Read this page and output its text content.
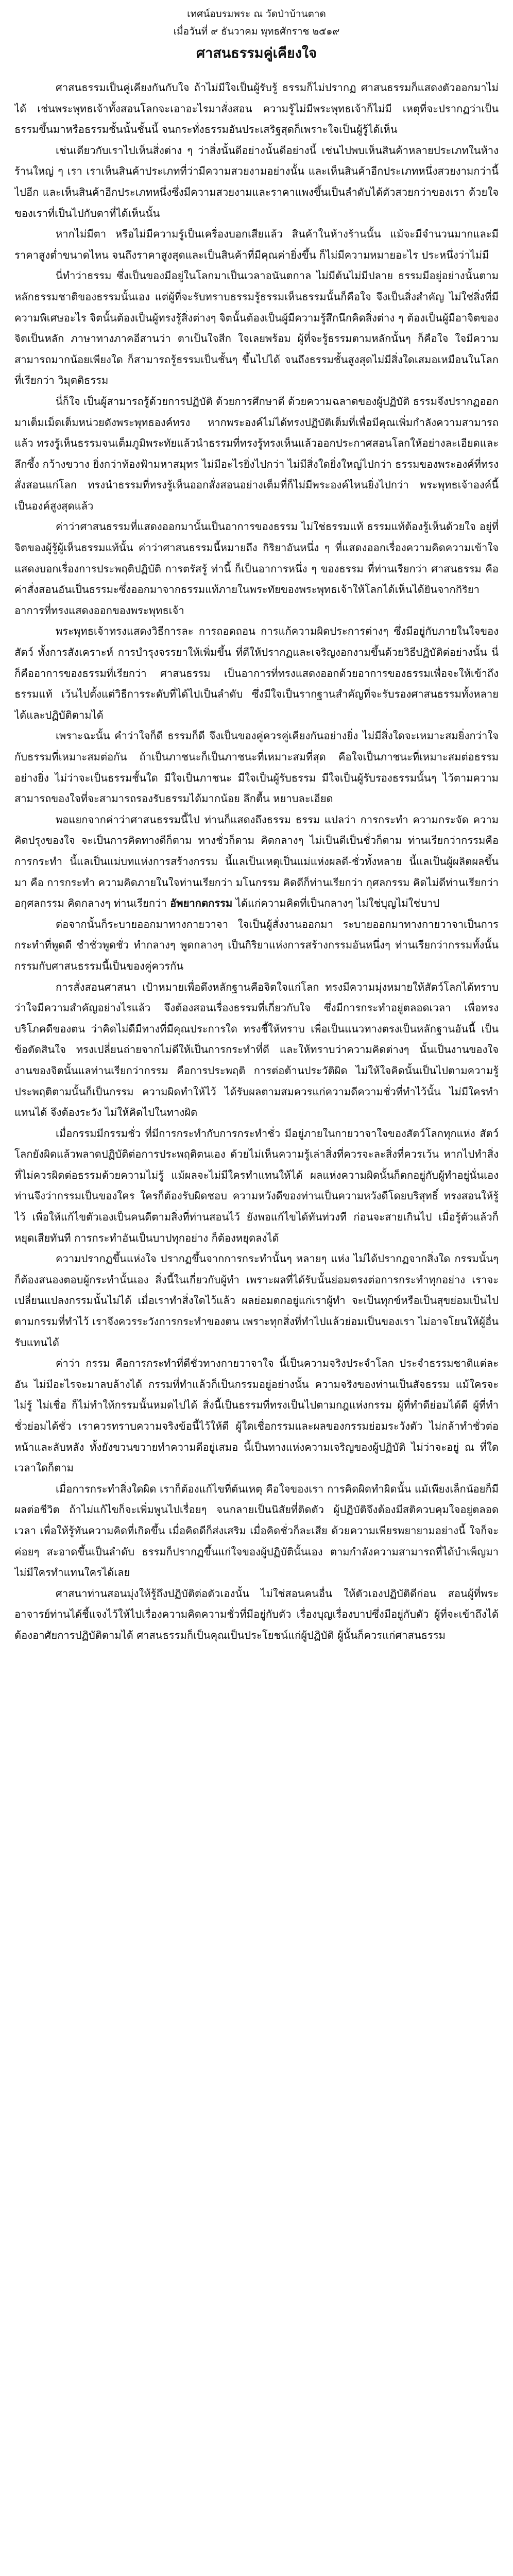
เทศน์อบรมพระ ณ วัดป่าบ้านตาด
เมื่อวันที่ ๙ ธันวาคม พุทธศักราช ๒๕๑๙
ศาสนธรรมคู่เคียงใจ

ศาสนธรรมเป็นคู่เคียงกันกับใจ ถ้าไม่มีใจเป็นผู้รับรู้ ธรรมก็ไม่ปรากฏ ศาสนธรรมก็แสดงตัวออกมาไม่ได้ เช่นพระพุทธเจ้าทั้งสอนโลกจะเอาอะไรมาสั่งสอน ความรู้ไม่มีพระพุทธเจ้าก็ไม่มี เหตุที่จะปรากฏว่าเป็นธรรมขึ้นมาหรือธรรมชั้นนั้นชั้นนี้ จนกระทั่งธรรมอันประเสริฐสุดก็เพราะใจเป็นผู้รู้ได้เห็น

เช่นเดียวกับเราไปเห็นสิ่งต่าง ๆ ว่าสิ่งนั้นดีอย่างนั้นดีอย่างนี้ เช่นไปพบเห็นสินค้าหลายประเภทในห้างร้านใหญ่ ๆ เรา เราเห็นสินค้าประเภทที่ว่ามีความสวยงามอย่างนั้น และเห็นสินค้าอีกประเภทหนึ่งสวยงามกว่านี้ไปอีก และเห็นสินค้าอีกประเภทหนึ่งซึ่งมีความสวยงามและราคาแพงขึ้นเป็นลำดับได้ตัวสวยกว่าของเรา ด้วยใจของเราที่เป็นไปกับตาที่ได้เห็นนั้น

หากไม่มีตา หรือไม่มีความรู้เป็นเครื่องบอกเสียแล้ว สินค้าในห้างร้านนั้น แม้จะมีจำนวนมากและมีราคาสูงต่ำขนาดไหน จนถึงราคาสูงสุดและเป็นสินค้าที่มีคุณค่ายิ่งขึ้น ก็ไม่มีความหมายอะไร ประหนึ่งว่าไม่มี

นี่ทำว่าธรรม ซึ่งเป็นของมีอยู่ในโลกมาเป็นเวลาอนันตกาล ไม่มีต้นไม่มีปลาย ธรรมมีอยู่อย่างนั้นตามหลักธรรมชาติของธรรมนั้นเอง แต่ผู้ที่จะรับทราบธรรมรู้ธรรมเห็นธรรมนั้นก็คือใจ จึงเป็นสิ่งสำคัญ ไม่ใช่สิ่งที่มีความพิเศษอะไร จิตนั้นต้องเป็นผู้ทรงรู้สิ่งต่างๆ จิตนั้นต้องเป็นผู้มีความรู้สึกนึกคิดสิ่งต่าง ๆ ต้องเป็นผู้มีอาจิตของจิตเป็นหลัก ภาษาทางภาคอีสานว่า ตาเป็นใจสีก ใจเลยพร้อม ผู้ที่จะรู้ธรรมตามหลักนั้นๆ ก็คือใจ ใจมีความสามารถมากน้อยเพียงใด ก็สามารถรู้ธรรมเป็นชั้นๆ ขึ้นไปได้ จนถึงธรรมชั้นสูงสุดไม่มีสิ่งใดเสมอเหมือนในโลกที่เรียกว่า วิมุตติธรรม

นี่ก็ใจ เป็นผู้สามารถรู้ด้วยการปฏิบัติ ด้วยการศึกษาดี ด้วยความฉลาดของผู้ปฏิบัติ ธรรมจึงปรากฏออกมาเต็มเม็ดเต็มหน่วยดังพระพุทธองค์ทรง หากพระองค์ไม่ได้ทรงปฏิบัติเต็มที่เพื่อมีคุณเพิ่มกำลังความสามารถแล้ว ทรงรู้เห็นธรรมจนเต็มภูมิพระทัยแล้วนำธรรมที่ทรงรู้ทรงเห็นแล้วออกประกาศสอนโลกให้อย่างละเอียดและลึกซึ้ง กว้างขวาง ยิ่งกว่าท้องฟ้ามหาสมุทร ไม่มีอะไรยิ่งไปกว่า ไม่มีสิ่งใดยิ่งใหญ่ไปกว่า ธรรมของพระองค์ที่ทรงสั่งสอนแก่โลก ทรงนำธรรมที่ทรงรู้เห็นออกสั่งสอนอย่างเต็มที่ก็ไม่มีพระองค์ไหนยิ่งไปกว่า พระพุทธเจ้าองค์นี้เป็นองค์สูงสุดแล้ว

ค่าว่าศาสนธรรมที่แสดงออกมานั้นเป็นอาการของธรรม ไม่ใช่ธรรมแท้ ธรรมแท้ต้องรู้เห็นด้วยใจ อยู่ที่จิตของผู้รู้ผู้เห็นธรรมแท้นั้น ค่าว่าศาสนธรรมนี้หมายถึง กิริยาอันหนึ่ง ๆ ที่แสดงออกเรื่องความคิดความเข้าใจ แสดงบอกเรื่องการประพฤติปฏิบัติ การตรัสรู้ ท่านี้ ก็เป็นอาการหนึ่ง ๆ ของธรรม ที่ท่านเรียกว่า ศาสนธรรม คือ ค่าสั่งสอนอันเป็นธรรมะซึ่งออกมาจากธรรมแท้ภายในพระทัยของพระพุทธเจ้าให้โลกได้เห็นได้ยินจากกิริยาอาการที่ทรงแสดงออกของพระพุทธเจ้า

พระพุทธเจ้าทรงแสดงวิธีการละ การถอดถอน การแก้ความผิดประการต่างๆ ซึ่งมีอยู่กับภายในใจของสัตว์ ทั้งการสังเคราะห์ การบำรุงจรรยาให้เพิ่มขึ้น ที่ดีให้ปรากฏและเจริญงอกงามขึ้นด้วยวิธีปฏิบัติต่อย่างนั้น นี่ก็คืออาการของธรรมที่เรียกว่า ศาสนธรรม เป็นอาการที่ทรงแสดงออกด้วยอาการของธรรมเพื่อจะให้เข้าถึงธรรมแท้ เว้นไปตั้งแต่วิธีการระดับที่ได้ไปเป็นลำดับ ซึ่งมีใจเป็นรากฐานสำคัญที่จะรับรองศาสนธรรมทั้งหลายได้และปฏิบัติตามได้

เพราะฉะนั้น คำว่าใจก็ดี ธรรมก็ดี จึงเป็นของคู่ควรคู่เคียงกันอย่างยิ่ง ไม่มีสิ่งใดจะเหมาะสมยิ่งกว่าใจกับธรรมที่เหมาะสมต่อกัน ถ้าเป็นภาชนะก็เป็นภาชนะที่เหมาะสมที่สุด คือใจเป็นภาชนะที่เหมาะสมต่อธรรมอย่างยิ่ง ไม่ว่าจะเป็นธรรมชั้นใด มีใจเป็นภาชนะ มีใจเป็นผู้รับธรรม มีใจเป็นผู้รับรองธรรมนั้นๆ ไว้ตามความสามารถของใจที่จะสามารถรองรับธรรมได้มากน้อย ลึกตื้น หยาบละเอียด

พอแยกจากค่าว่าศาสนธรรมนี้ไป ท่านก็แสดงถึงธรรม ธรรม แปลว่า การกระทำ ความกระจัด ความคิดปรุงของใจ จะเป็นการคิดทางดีก็ตาม ทางชั่วก็ตาม คิดกลางๆ ไม่เป็นดีเป็นชั่วก็ตาม ท่านเรียกว่ากรรมคือการกระทำ นี้แลเป็นแม่บทแห่งการสร้างกรรม นี้แลเป็นเหตุเป็นแม่แห่งผลดี-ชั่วทั้งหลาย นี้แลเป็นผู้ผลิตผลขึ้นมา คือ การกระทำ ความคิดภายในใจท่านเรียกว่า มโนกรรม คิดดีก็ท่านเรียกว่า กุศลกรรม คิดไม่ดีท่านเรียกว่า อกุศลกรรม คิดกลางๆ ท่านเรียกว่า อัพยากตกรรม ได้แก่ความคิดที่เป็นกลางๆ ไม่ใช่บุญไม่ใช่บาป

ต่อจากนั้นก็ระบายออกมาทางกายวาจา ใจเป็นผู้สั่งงานออกมา ระบายออกมาทางกายวาจาเป็นการกระทำที่พูดดี ชำชั่วพูดชั่ว ทำกลางๆ พูดกลางๆ เป็นกิริยาแห่งการสร้างกรรมอันหนึ่งๆ ท่านเรียกว่ากรรมทั้งนั้น กรรมกับศาสนธรรมนี้เป็นของคู่ควรกัน

การสั่งสอนศาสนา เป้าหมายเพื่อดึงหลักฐานคือจิตใจแก่โลก ทรงมีความมุ่งหมายให้สัตว์โลกได้ทราบว่าใจมีความสำคัญอย่างไรแล้ว จึงต้องสอนเรื่องธรรมที่เกี่ยวกับใจ ซึ่งมีการกระทำอยู่ตลอดเวลา เพื่อทรงบริโภคดีของตน ว่าคิดไม่ดีมีทางที่มีคุณประการใด ทรงชี้ให้ทราบ เพื่อเป็นแนวทางตรงเป็นหลักฐานอันนี้ เป็นข้อตัดสินใจ ทรงเปลี่ยนถ่ายจากไม่ดีให้เป็นการกระทำที่ดี และให้ทราบว่าความคิดต่างๆ นั้นเป็นงานของใจ งานของจิตนั้นแลท่านเรียกว่ากรรม คือการประพฤติ การต่อต้านประวัติผิด ไม่ให้ใจคิดนั้นเป็นไปตามความรู้ ประพฤติตามนั้นก็เป็นกรรม ความผิดทำให้ไว้ ได้รับผลตามสมควรแก่ความดีความชั่วที่ทำไว้นั้น ไม่มีใครทำแทนได้ จึงต้องระวัง ไม่ให้คิดไปในทางผิด

เมื่อกรรมมีกรรมชั่ว ที่มีการกระทำกับการกระทำชั่ว มีอยู่ภายในกายวาจาใจของสัตว์โลกทุกแห่ง สัตว์โลกยังผิดแล้วพลาดปฏิบัติต่อการประพฤติตนเอง ด้วยไม่เห็นความรู้เล่าสิ่งที่ควรจะละสิ่งที่ควรเว้น หากไปทำสิ่งที่ไม่ควรผิดต่อธรรมด้วยความไม่รู้ แม้ผลจะไม่มีใครทำแทนให้ได้ ผลแห่งความผิดนั้นก็ตกอยู่กับผู้ทำอยู่นั่นเอง ท่านจึงว่ากรรมเป็นของใคร ใครก็ต้องรับผิดชอบ ความหวังดีของท่านเป็นความหวังดีโดยบริสุทธิ์ ทรงสอนให้รู้ไว้ เพื่อให้แก้ไขตัวเองเป็นคนดีตามสิ่งที่ท่านสอนไว้ ยังพอแก้ไขได้ทันท่วงที ก่อนจะสายเกินไป เมื่อรู้ตัวแล้วก็หยุดเสียทันที การกระทำอันเป็นบาปทุกอย่าง ก็ต้องหยุดลงได้

ความปรากฏขึ้นแห่งใจ ปรากฏขึ้นจากการกระทำนั้นๆ หลายๆ แห่ง ไม่ได้ปรากฏจากสิ่งใด กรรมนั้นๆ ก็ต้องสนองตอบผู้กระทำนั้นเอง สิ่งนี้ในเกี่ยวกับผู้ทำ เพราะผลที่ได้รับนั้นย่อมตรงต่อการกระทำทุกอย่าง เราจะเปลี่ยนแปลงกรรมนั้นไม่ได้ เมื่อเราทำสิ่งใดไว้แล้ว ผลย่อมตกอยู่แก่เราผู้ทำ จะเป็นทุกข์หรือเป็นสุขย่อมเป็นไปตามกรรมที่ทำไว้ เราจึงควรระวังการกระทำของตน เพราะทุกสิ่งที่ทำไปแล้วย่อมเป็นของเรา ไม่อาจโยนให้ผู้อื่นรับแทนได้

ค่าว่า กรรม คือการกระทำที่ดีชั่วทางกายวาจาใจ นี้เป็นความจริงประจำโลก ประจำธรรมชาติแต่ละอัน ไม่มีอะไรจะมาลบล้างได้ กรรมที่ทำแล้วก็เป็นกรรมอยู่อย่างนั้น ความจริงของท่านเป็นสัจธรรม แม้ใครจะไม่รู้ ไม่เชื่อ ก็ไม่ทำให้กรรมนั้นหมดไปได้ สิ่งนี้เป็นธรรมที่ทรงเป็นไปตามกฎแห่งกรรม ผู้ที่ทำดีย่อมได้ดี ผู้ที่ทำชั่วย่อมได้ชั่ว เราควรทราบความจริงข้อนี้ไว้ให้ดี ผู้ใดเชื่อกรรมและผลของกรรมย่อมระวังตัว ไม่กล้าทำชั่วต่อหน้าและลับหลัง ทั้งยังขวนขวายทำความดีอยู่เสมอ นี้เป็นทางแห่งความเจริญของผู้ปฏิบัติ ไม่ว่าจะอยู่ ณ ที่ใด เวลาใดก็ตาม

เมื่อการกระทำสิ่งใดผิด เราก็ต้องแก้ไขที่ต้นเหตุ คือใจของเรา การคิดผิดทำผิดนั้น แม้เพียงเล็กน้อยก็มีผลต่อชีวิต ถ้าไม่แก้ไขก็จะเพิ่มพูนไปเรื่อยๆ จนกลายเป็นนิสัยที่ติดตัว ผู้ปฏิบัติจึงต้องมีสติควบคุมใจอยู่ตลอดเวลา เพื่อให้รู้ทันความคิดที่เกิดขึ้น เมื่อคิดดีก็ส่งเสริม เมื่อคิดชั่วก็ละเสีย ด้วยความเพียรพยายามอย่างนี้ ใจก็จะค่อยๆ สะอาดขึ้นเป็นลำดับ ธรรมก็ปรากฏขึ้นแก่ใจของผู้ปฏิบัตินั้นเอง ตามกำลังความสามารถที่ได้บำเพ็ญมา ไม่มีใครทำแทนใครได้เลย

ศาสนาท่านสอนมุ่งให้รู้ถึงปฏิบัติต่อตัวเองนั้น ไม่ใช่สอนคนอื่น ให้ตัวเองปฏิบัติดีก่อน สอนผู้ที่พระอาจารย์ท่านได้ชี้แจงไว้ให้ไปเรื่องความคิดความชั่วที่มีอยู่กับตัว เรื่องบุญเรื่องบาปซึ่งมีอยู่กับตัว ผู้ที่จะเข้าถึงได้ต้องอาศัยการปฏิบัติตามได้ ศาสนธรรมก็เป็นคุณเป็นประโยชน์แก่ผู้ปฏิบัติ ผู้นั้นก็ควรแก่ศาสนธรรม
